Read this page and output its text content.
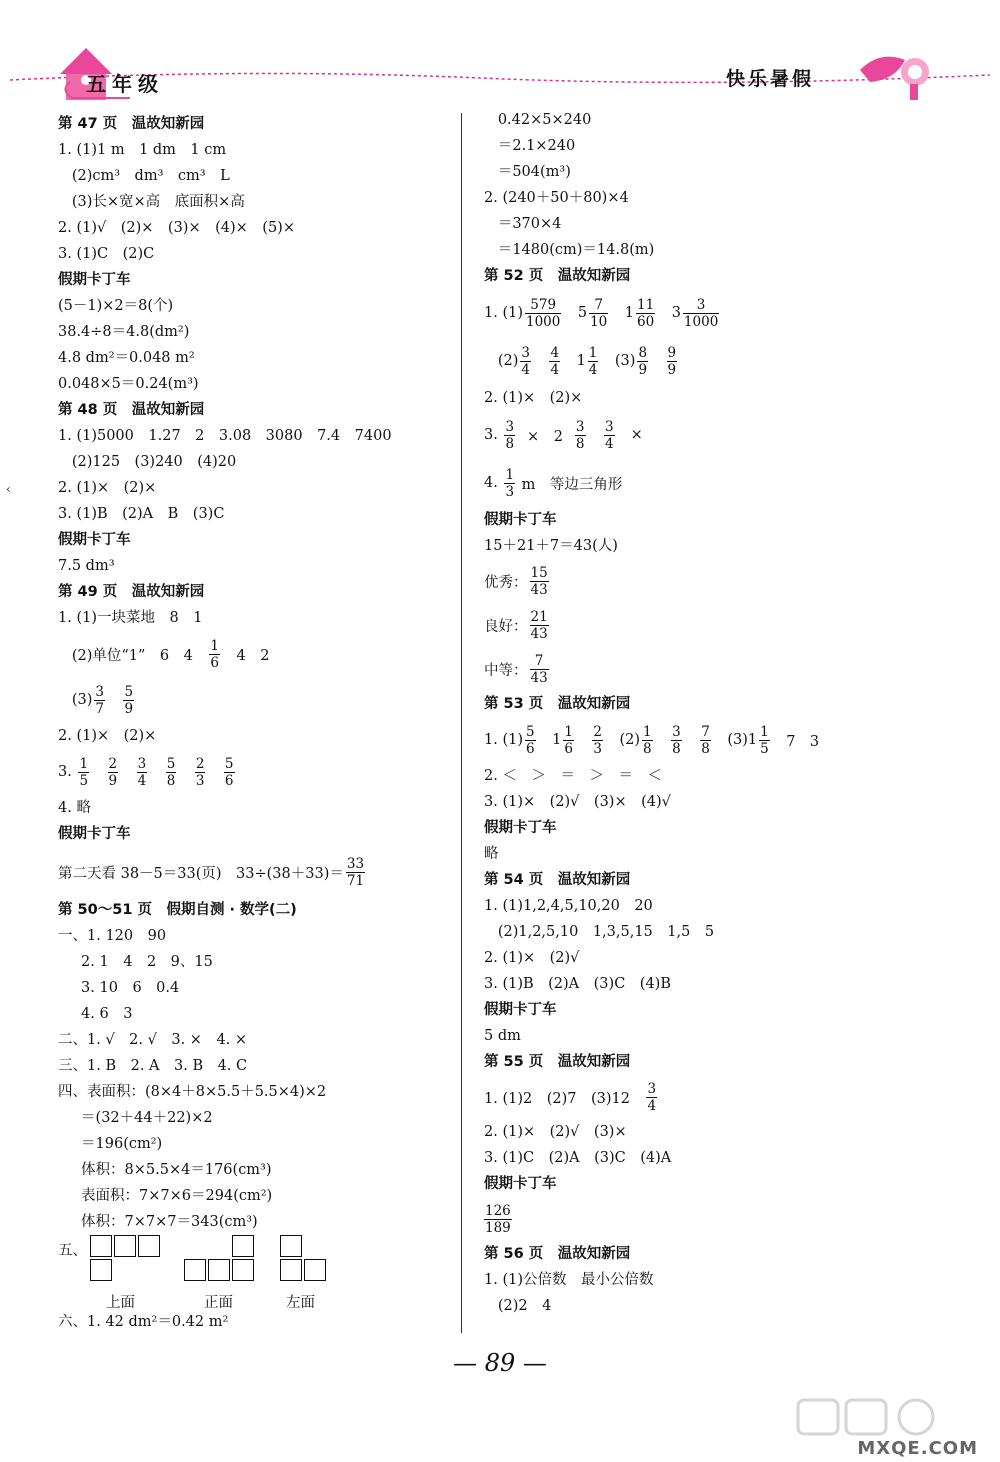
五年级	快乐暑假
‹
第 47 页　温故知新园
1. (1)1 m　1 dm　1 cm
(2)cm³　dm³　cm³　L
(3)长×宽×高　底面积×高
2. (1)√　(2)×　(3)×　(4)×　(5)×
3. (1)C　(2)C
假期卡丁车
(5－1)×2＝8(个)
38.4÷8＝4.8(dm²)
4.8 dm²＝0.048 m²
0.048×5＝0.24(m³)
第 48 页　温故知新园
1. (1)5000　1.27　2　3.08　3080　7.4　7400
(2)125　(3)240　(4)20
2. (1)×　(2)×
3. (1)B　(2)A　B　(3)C
假期卡丁车
7.5 dm³
第 49 页　温故知新园
1. (1)一块菜地　8　1
(2)单位“1”　6　4　 $\frac{1}{6}$ 　4　2
$(3) \frac{3}{7}$
　 $\frac{5}{9}$
2. (1)×　(2)×
3. $\frac{1}{5}$
　 $\frac{2}{9}$
　 $\frac{3}{4}$
　 $\frac{5}{8}$
　 $\frac{2}{3}$
　 $\frac{5}{6}$
4. 略
假期卡丁车
第二天看 38－5＝33(页)　$33\div(38+33)= \frac{33}{71}$
第 50～51 页　假期自测 · 数学(二)
一、1. 120　90
2. 1　4　2　9、15
3. 10　6　0.4
4. 6　3
二、1. √　2. √　3. ×　4. ×
三、1. B　2. A　3. B　4. C
四、表面积：(8×4＋8×5.5＋5.5×4)×2
＝(32＋44＋22)×2
＝196(cm²)
体积：8×5.5×4＝176(cm³)
表面积：7×7×6＝294(cm²)
体积：7×7×7＝343(cm³)
五、
上面	正面	左面
六、1. 42 dm²＝0.42 m²
0.42×5×240
＝2.1×240
＝504(m³)
2. (240＋50＋80)×4
＝370×4
＝1480(cm)＝14.8(m)
第 52 页　温故知新园
1. $(1) \frac{579}{1000}$
　 $5 \frac{7}{10}$
　 $1 \frac{11}{60}$
　 $3 \frac{3}{1000}$
$(2) \frac{3}{4}$
　 $\frac{4}{4}$
　 $1 \frac{1}{4}$
　 $(3) \frac{8}{9}$
　 $\frac{9}{9}$
2. (1)×　(2)×
3. $\frac{3}{8}$ ×　$2 \frac{3}{8}$
　 $\frac{3}{4}$ ×
4. $\frac{1}{3}$ m　等边三角形
假期卡丁车
15＋21＋7＝43(人)
优秀： $\frac{15}{43}$
良好： $\frac{21}{43}$
中等： $\frac{7}{43}$
第 53 页　温故知新园
1. $(1) \frac{5}{6}$
　 $1 \frac{1}{6}$
　 $\frac{2}{3}$
　 $(2) \frac{1}{8}$
　 $\frac{3}{8}$
　 $\frac{7}{8}$
　 (3) $1 \frac{1}{5}$ 　7　3
2. ＜　＞　＝　＞　＝　＜
3. (1)×　(2)√　(3)×　(4)√
假期卡丁车
略
第 54 页　温故知新园
1. (1)1,2,4,5,10,20　20
(2)1,2,5,10　1,3,5,15　1,5　5
2. (1)×　(2)√
3. (1)B　(2)A　(3)C　(4)B
假期卡丁车
5 dm
第 55 页　温故知新园
1. (1)2　(2)7　(3)12　 $\frac{3}{4}$
2. (1)×　(2)√　(3)×
3. (1)C　(2)A　(3)C　(4)A
假期卡丁车
$\frac{126}{189}$
第 56 页　温故知新园
1. (1)公倍数　最小公倍数
(2)2　4
— 89 —
MXQE.COM
